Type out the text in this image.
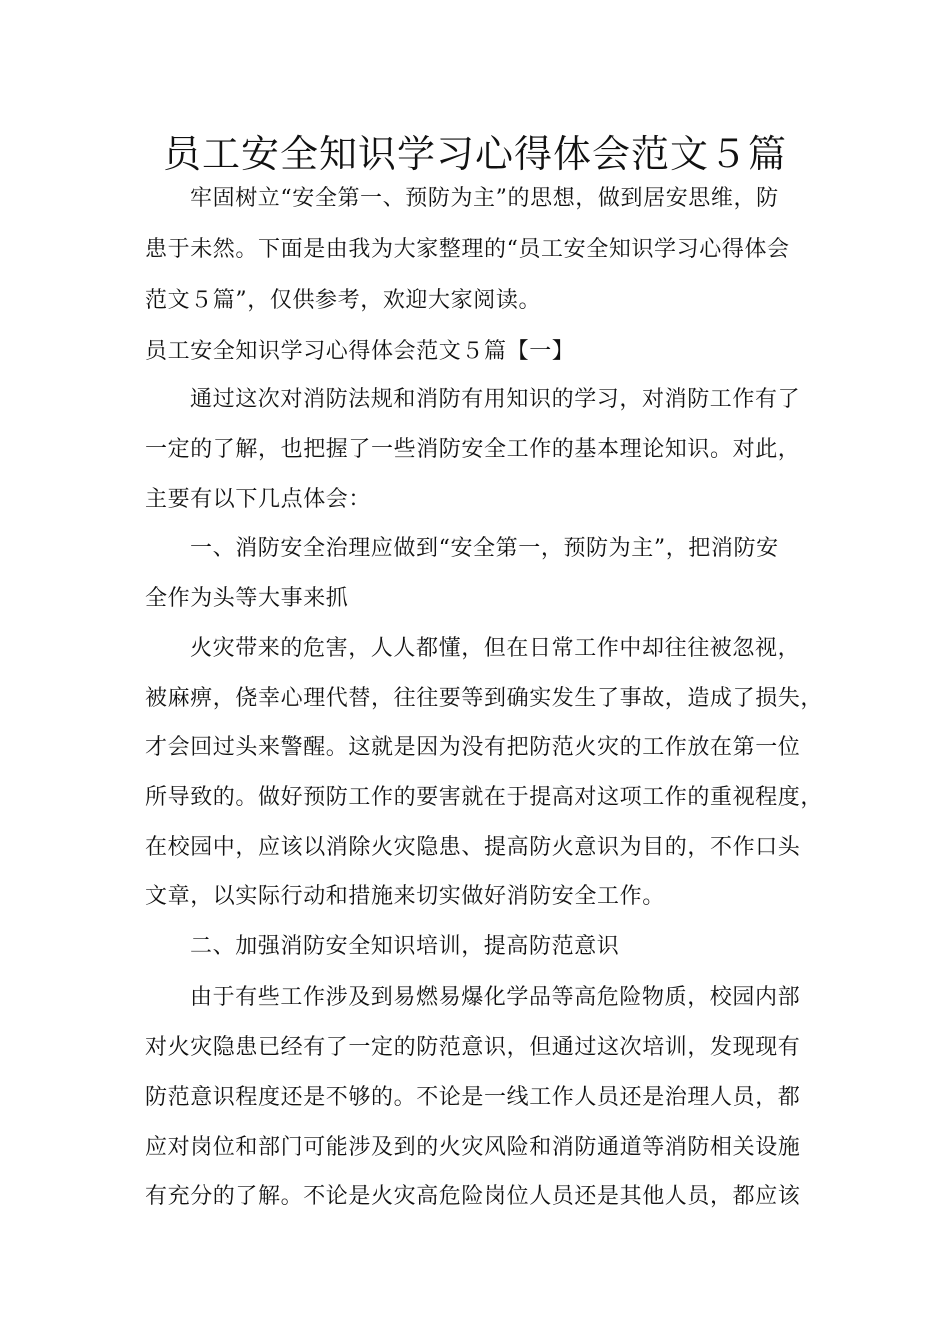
员工安全知识学习心得体会范文５篇
牢固树立“安全第一、预防为主”的思想，做到居安思维，防
患于未然。下面是由我为大家整理的“员工安全知识学习心得体会
范文５篇”，仅供参考，欢迎大家阅读。
员工安全知识学习心得体会范文５篇【一】
通过这次对消防法规和消防有用知识的学习，对消防工作有了
一定的了解，也把握了一些消防安全工作的基本理论知识。对此，
主要有以下几点体会：
一、消防安全治理应做到“安全第一，预防为主”，把消防安
全作为头等大事来抓
火灾带来的危害，人人都懂，但在日常工作中却往往被忽视，
被麻痹，侥幸心理代替，往往要等到确实发生了事故，造成了损失，
才会回过头来警醒。这就是因为没有把防范火灾的工作放在第一位
所导致的。做好预防工作的要害就在于提高对这项工作的重视程度，
在校园中，应该以消除火灾隐患、提高防火意识为目的，不作口头
文章，以实际行动和措施来切实做好消防安全工作。
二、加强消防安全知识培训，提高防范意识
由于有些工作涉及到易燃易爆化学品等高危险物质，校园内部
对火灾隐患已经有了一定的防范意识，但通过这次培训，发现现有
防范意识程度还是不够的。不论是一线工作人员还是治理人员，都
应对岗位和部门可能涉及到的火灾风险和消防通道等消防相关设施
有充分的了解。不论是火灾高危险岗位人员还是其他人员，都应该
